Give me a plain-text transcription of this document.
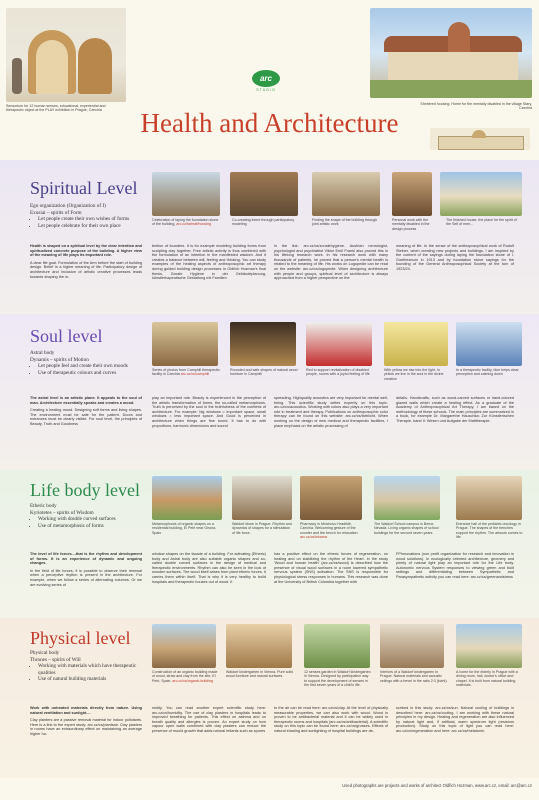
Sensorium for 12 human senses, educational, experiential and therapeutic object at the PLAY exhibition in Prague, Czechia
Sheltered housing. Home for the mentally disabled in the village Stary, Czechia
arc
STUDIO
Health and Architecture
Spiritual Level
Ego organization (Organization of I)
Exusiai – spirits of Form
• Let people create their own wishes of forms
• Let people celebrate for their own place
Celebration of laying the foundation stone of the building, arc.cz/farhraf/housing
Co-creating intent through participatory modeling
Finding the shape of the building through joint artistic work
Personal work with the mentally disabled in the design process
The finished house, the place for the spirit of the Self of men...
Health is shaped on a spiritual level by the clear intention and spiritualized concrete purpose of the building. A higher view of the meaning of life plays its important role.
A clear life goal. Formulation of the Arm before the start of building design. Belief in a higher meaning of life. Participatory design of architecture and inclusion of artistic creative processes leads towards shaping the in-
tention of founders. It is for example modeling building forms from sculpting clay together. Free artistic activity is thus combined with the formulation of an intention in the manifested wisdom. And it creates a balance between will, feeling and thinking. You can study examples of the healing aspects of anthroposophic art therapy during guided building design processes in Oldřich Hozman's final thesis, Zonale Hygiene in der Gebäudeplanung, künstlerhapeutische Gestaltung mit Familien
in the link: arc.cz/cs/zonalehygiene. Austrian neurologist, psychologist and psychiatrist Viktor Emil Frankl also proved this in his lifelong research work. In his research work with many thousands of patients, he proved that a person's mental health is related to the meaning of life. His works on Logopedie can be read on the website: arc.cz/cs/logopedie. When designing architecture with people and groups, spiritual level of architecture is always approached from a higher perspective on the
meaning of life. In the sense of the anthroposophical work of Rudolf Steiner, when creating new projects and buildings, I am inspired by the content of the sayings during laying the foundation stone of I. Goetheanum in 1913 and by foundation stone sayings for the founding of the General Anthroposophical Society at the turn of 1923/24.
Soul level
Astral body
Dynamis – spirits of Motion
• Let people feel and create their own moods
• Use of therapeutic colours and curves	Series of photos from Camphill therapeutic facility in Czechia arc.cz/cs/camphill
Rounded and safe shapes of natural wood furniture in Camphill
Red to support revitalization of disabled people, rooms with a joyful feeling of life
With yellow we rise into the light. In yellow we live in the soul in the divine creation
In a therapeutic facility, blue helps clear perception and calming down
The astral level is an artistic plane. It appeals to the soul of man. Architecture essentially speaks and creates a mood.
Creating a healing mood. Designing soft forms and living shapes. The environment must be safe for the patient. Doors and entrances must be clearly visible. For soul level, the principles of Beauty, Truth and Goodness
play an important role. Beauty is experienced in the perception of the artistic transformation of forms, the so-called metamorphosis. Truth is perceived by the soul in the truthfulness of the contents of architecture. For example: big windows = important space, small windows = less important space. And Good is perceived in architecture when things are fine tuned. It has to do with proportions, harmonic dimensions and sound
spreading. Highquality acoustics are very important for mental well-being. This scientific study writes expertly on this topic: arc.cz/cs/acoustics. Working with colors also plays a very important role in treatment and therapy. Publications on anthroposophic color therapy can be found on this website: arc.cz/cs/farblicht. When working on the design of new medical and therapeutic facilities, I place emphasis on the artistic processing of
details. Handicrafts, such as wood-carved surfaces or hand-colored glazed walls which create a healing effect. As a graduate of the Academy of Anthroposophical Art Therapy, I am based on the methodology of these schools. The main principles are summarized in a book, for example Dr. Margarethe Hauschka: Zur Künstlerischen Therapie, band II: Wesen und Aufgabe der Malttherapie.
Life body level
Etheric body
Kyriotetes – spirits of Wisdom
• Working with double curved surfaces
• Use of metamorphosis of forms	Metamorphosis of organic shapes on a residential building, El Pelé near Girona, Spain
Waldorf stone in Prague. Rhythm and dynamics of shapes for a stimulation of life force.
Pharmacy in Mnichovo Hradiště, Czechia. Welcoming gesture of the counter and the bench for relaxation. arc.cz/cs/lekarna
The Waldorf School campus in Berne, Nevada. Living organic shapes of school buildings for the second seven years.
Entrance hall of the pediatric oncology in Prague. The shapes of the benches support the rhythm. The artwork comes to life.
The level of life forces....that is the rhythm and development of forms. It is an experience of dynamic and ongoing changes.
In the field of life forces, it is possible to observe their renewal when a perceptive rhythm is present in the architecture. For example, when we follow a series of alternating columns. Or we are evolving series of
window shapes on the facade of a building. For activating (Etheric) body and Astral body are also suitable organic shapes and so-called double curved surfaces in the design of medical and therapeutic environments. Rhythm can also be seen in the look of wooden surfaces. The wood itself arises from plant etheric forces. It carries them within itself. That is why it is very healthy to build hospitals and therapeutic houses out of wood. It
has a positive effect on the etheric forces of regeneration, on healing and on stabilizing the rhythm of the Heart. In the study 'Wood and human health' (arc.cz/cs/wood) is described how the presence of visual wood surfaces in a room lowered sympathetic nervous system (SNS) activation. The SNS is responsible for physiological stress responses in humans. This research was done at the University of British Columbia together with
FPInnovations (non profit organization for research and innovation in wood solutions). In ecologically oriented architecture, geomery and plenty of natural light play an important role for the Life body. Autonomic nervous System responses to viewing green and built settings and differentiating between Sympathetic and Parasympathetic activity you can read here: arc.cz/cs/greenandstress
Physical level
Physical body
Thrones – spirits of Will
• Working with materials which have therapeutic qualities
• Use of natural building materials
Construction of an organic building made of wood, straw and clay from the site, El Pelé, Spain. arc.cz/cs/organic-building
Waldorf kindergarten in Vienna. Pure solid wood furniture and natural surfaces.
12 senses garden in Waldorf kindergarten in Vienna. Designed by participative way to support the development of senses in the first seven years of a child's life.
Interiors of a Waldorf kindergarten in Prague. Natural materials and acoustic ceilings with a bevel in the ratio 2:3 (kvint).
A home for the elderly in Prague with a dining room, hall, doctor's office and chapel. It is built from natural building materials.
Work with untreated materials directly from nature. Using natural ventilation and sunlight....
Clay planters are a passive removal material for indoor pollutants. Here is a link to the expert study: arc.cz/cs/plantsair. Clay plasters in rooms have an extraordinary effect on maintaining an average higher hu-
midity. You can read another expert scientific study here: arc.cz/cs/humidity. The use of clay plasters in hospitals leads to improved breathing for patients. This effect on asthma and on breath quality and allergies is proven. An expert study on how vapour open walls combined with clay plasters can reduce the presence of mould growth that adds natural irritants such as spores
to the air can be read here: arc.cz/cs/clay. At the level of physically measurable properties, we can also work with wood. Wood is proven to be antibacterial material and it can be widely used in therapeutic rooms and hospitals (arc.cz/cs/antibacterial). A scientific study on this topic can be found here: arc.cz/cs/grosses. Effects of natural shading and sunlighting of hospital buildings are de-
scribed in this study: arc.cz/cs/sun. Natural cooling of buildings is described here: arc.cz/cs/cooling. I am working with these natural principles in my design. Healing and regeneration are also influenced by natural light and, if artificial, warm spectrum light (resistors production). Study on this topic of light you can read here: arc.cz/cs/regeneration and here: arc.cz/cs/melatonin.
Used photographs are projects and works of architect Oldřich Hozman, www.arc.cz, email: arc@arc.cz
